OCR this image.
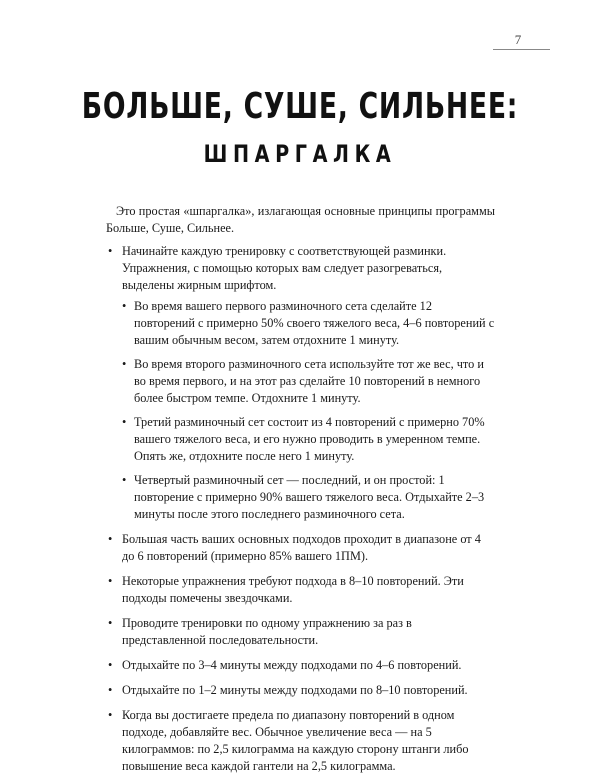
7
БОЛЬШЕ, СУШЕ, СИЛЬНЕЕ:
ШПАРГАЛКА

Это простая «шпаргалка», излагающая основные принципы программы Больше, Суше, Сильнее.

• Начинайте каждую тренировку с соответствующей разминки. Упражнения, с помощью которых вам следует разогреваться, выделены жирным шрифтом.
• Во время вашего первого разминочного сета сделайте 12 повторений с примерно 50% своего тяжелого веса, 4–6 повторений с вашим обычным весом, затем отдохните 1 минуту.
• Во время второго разминочного сета используйте тот же вес, что и во время первого, и на этот раз сделайте 10 повторений в немного более быстром темпе. Отдохните 1 минуту.
• Третий разминочный сет состоит из 4 повторений с примерно 70% вашего тяжелого веса, и его нужно проводить в умеренном темпе. Опять же, отдохните после него 1 минуту.
• Четвертый разминочный сет — последний, и он простой: 1 повторение с примерно 90% вашего тяжелого веса. Отдыхайте 2–3 минуты после этого последнего разминочного сета.
• Большая часть ваших основных подходов проходит в диапазоне от 4 до 6 повторений (примерно 85% вашего 1ПМ).
• Некоторые упражнения требуют подхода в 8–10 повторений. Эти подходы помечены звездочками.
• Проводите тренировки по одному упражнению за раз в представленной последовательности.
• Отдыхайте по 3–4 минуты между подходами по 4–6 повторений.
• Отдыхайте по 1–2 минуты между подходами по 8–10 повторений.
• Когда вы достигаете предела по диапазону повторений в одном подходе, добавляйте вес. Обычное увеличение веса — на 5 килограммов: по 2,5 килограмма на каждую сторону штанги либо повышение веса каждой гантели на 2,5 килограмма.
